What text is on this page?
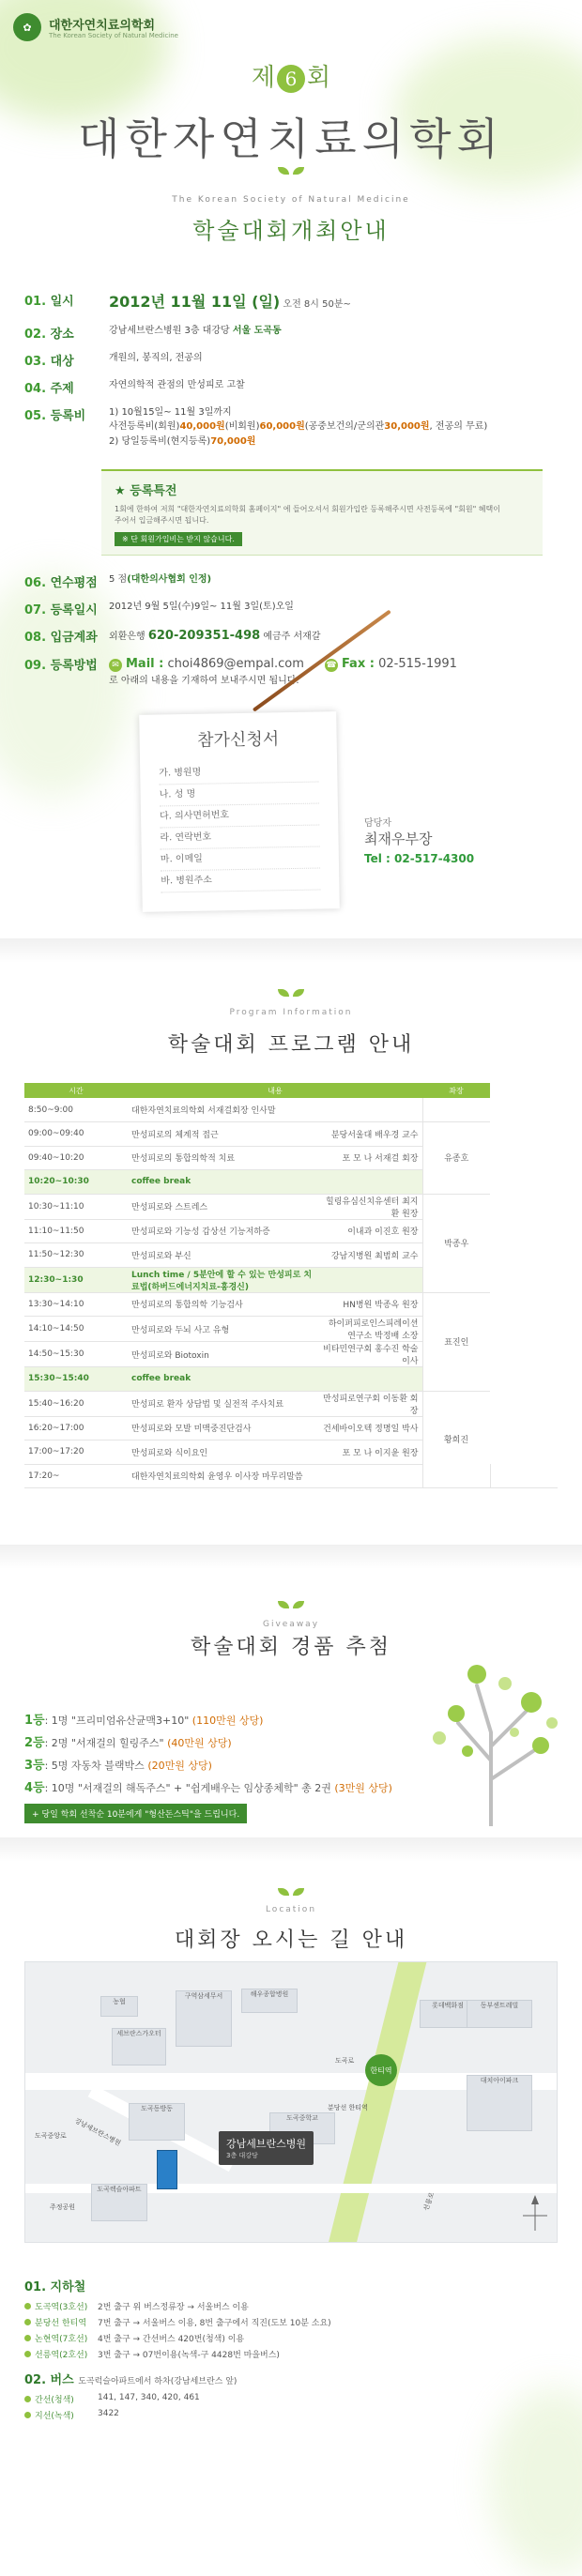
✿	대한자연치료의학회
The Korean Society of Natural Medicine
제 6 회
대한자연치료의학회

The Korean Society of Natural Medicine
학술대회개최안내
01. 일시	2012년 11월 11일 (일) 오전 8시 50분~
02. 장소	강남세브란스병원 3층 대강당 서울 도곡동
03. 대상	개원의, 봉직의, 전공의
04. 주제	자연의학적 관점의 만성피로 고찰
05. 등록비	1) 10월15일~ 11월 3일까지
사전등록비(회원)40,000원(비회원)60,000원(공중보건의/군의관30,000원, 전공의 무료)
2) 당일등록비(현지등록)70,000원
★ 등록특전
1회에 한하여 저희 "대한자연치료의학회 홈페이지" 에 들어오셔서 회원가입란 등록해주시면 사전등록에 "회원" 혜택이
주어서 입금해주시면 됩니다.
※ 단 회원가입비는 받지 않습니다.
06. 연수평점	5 점(대한의사협회 인정)
07. 등록일시	2012년 9월 5일(수)9일~ 11월 3일(토)오일
08. 입금계좌	외환은행 620-209351-498 예금주 서재갈
09. 등록방법	✉ Mail : choi4869@empal.com	☎ Fax : 02-515-1991
로 아래의 내용을 기재하여 보내주시면 됩니다.
참가신청서
가. 병원명
나. 성 명
다. 의사면허번호
라. 연락번호
마. 이메일
바. 병원주소
담당자
최재우부장
Tel : 02-517-4300

Program Information
학술대회 프로그램 안내
시간	내용		좌장	
8:50~9:00	대한자연치료의학회 서재걸회장 인사말			
09:00~09:40	만성피로의 체계적 접근	분당서울대 배우경 교수	유종호	
09:40~10:20	만성피로의 통합의학적 치료	포 모 나 서재걸 회장		
10:20~10:30	coffee break			
10:30~11:10	만성피로와 스트레스	힐링유심신치유센터 최지환 원장	박종우	
11:10~11:50	만성피로와 기능성 갑상선 기능저하증	이내과 이진호 원장		
11:50~12:30	만성피로와 부신	강남지병원 최범희 교수		
12:30~1:30	Lunch time / 5분안에 할 수 있는 만성피로 치료법(하버드에너지치료-홍경신)			
13:30~14:10	만성피로의 통합의학 기능검사	HN병원 박종옥 원장	표진인	
14:10~14:50	만성피로와 두뇌 사고 유형	하이퍼피로인스피레이션연구소 박정배 소장		
14:50~15:30	만성피로와 Biotoxin	비타민연구회 홍수진 학술이사		
15:30~15:40	coffee break			
15:40~16:20	만성피로 환자 상담법 및 실전적 주사치료	만성피로연구회 이동환 회장	황희진	
16:20~17:00	만성피로와 모발 미맥중진단검사	건세바이오텍 정명일 박사		
17:00~17:20	만성피로와 식이요인	포 모 나 이지윤 원장		
17:20~	대한자연치료의학회 윤영우 이사장 마무리말씀			

학술대회 경품 추첨
Giveaway
1등: 1명 "프리미엄유산균맥3+10" (110만원 상당)
2등: 2명 "서재걸의 힐링주스" (40만원 상당)
3등: 5명 자동차 블랙박스 (20만원 상당)
4등: 10명 "서재걸의 해독주스" + "쉽게배우는 임상종체학" 총 2권 (3만원 상당)
+ 당일 학회 선착순 10분에게 "형산돈스틱"을 드립니다.

Location
대회장 오시는 길 안내
농협
구역삼세무서
세브란스가오터
해우종합병원
도곡로
강남세브란스병원
도곡동방동
도곡중앙로
도곡렉슬아파트
도곡중학교
분당선 한티역
대치아이파크
롯데백화점	동부센트레빌
선릉로
주정공원
한티역
강남세브란스병원
3층 대강당
01. 지하철
도곡역(3호선)	2번 출구 위 버스정류장 → 서울버스 이용
분당선 한티역	7번 출구 → 서울버스 이용, 8번 출구에서 직진(도보 10분 소요)
논현역(7호선)	4번 출구 → 간선버스 420번(청색) 이용
선릉역(2호선)	3번 출구 → 07번이용(녹색-구 4428번 마을버스)
02. 버스 도곡럭슬아파트에서 하차(강남세브란스 앞)
간선(청색)	141, 147, 340, 420, 461
지선(녹색)	3422
